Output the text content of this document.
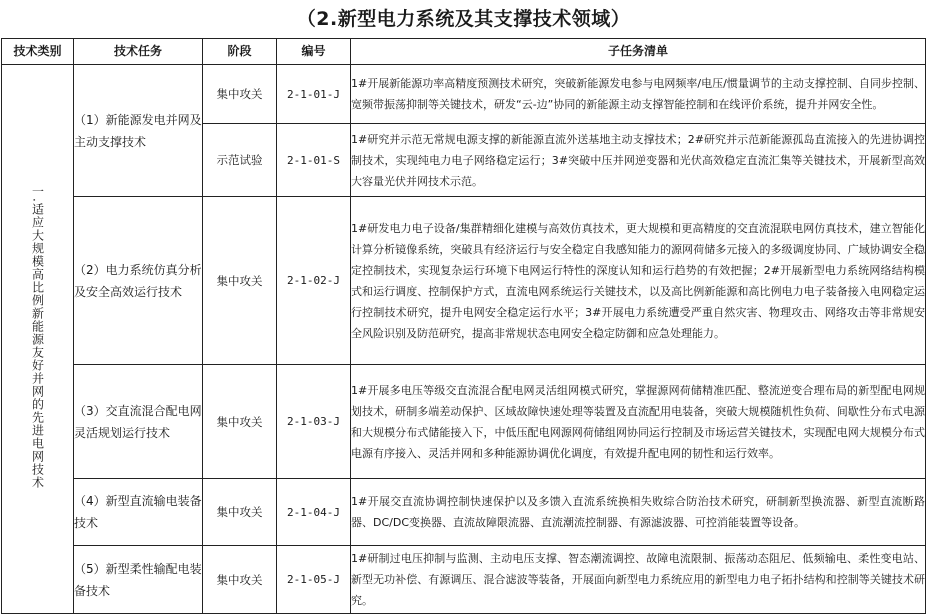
（2.新型电力系统及其支撑技术领域）
技术类别	技术任务	阶段	编号	子任务清单
一.适应大规模高比例新能源友好并网的先进电网技术	（1）新能源发电并网及主动支撑技术	集中攻关	2-1-01-J	1#开展新能源功率高精度预测技术研究，突破新能源发电参与电网频率/电压/惯量调节的主动支撑控制、自同步控制、宽频带振荡抑制等关键技术，研发“云-边”协同的新能源主动支撑智能控制和在线评价系统，提升并网安全性。
		示范试验	2-1-01-S	1#研究并示范无常规电源支撑的新能源直流外送基地主动支撑技术；2#研究并示范新能源孤岛直流接入的先进协调控制技术，实现纯电力电子网络稳定运行；3#突破中压并网逆变器和光伏高效稳定直流汇集等关键技术，开展新型高效大容量光伏并网技术示范。
	（2）电力系统仿真分析及安全高效运行技术	集中攻关	2-1-02-J	1#研发电力电子设备/集群精细化建模与高效仿真技术，更大规模和更高精度的交直流混联电网仿真技术，建立智能化计算分析镜像系统，突破具有经济运行与安全稳定自我感知能力的源网荷储多元接入的多级调度协同、广域协调安全稳定控制技术，实现复杂运行环境下电网运行特性的深度认知和运行趋势的有效把握；2#开展新型电力系统网络结构模式和运行调度、控制保护方式，直流电网系统运行关键技术，以及高比例新能源和高比例电力电子装备接入电网稳定运行控制技术研究，提升电网安全稳定运行水平；3#开展电力系统遭受严重自然灾害、物理攻击、网络攻击等非常规安全风险识别及防范研究，提高非常规状态电网安全稳定防御和应急处理能力。
	（3）交直流混合配电网灵活规划运行技术	集中攻关	2-1-03-J	1#开展多电压等级交直流混合配电网灵活组网模式研究，掌握源网荷储精准匹配、整流逆变合理布局的新型配电网规划技术，研制多端差动保护、区域故障快速处理等装置及直流配用电装备，突破大规模随机性负荷、间歇性分布式电源和大规模分布式储能接入下，中低压配电网源网荷储组网协同运行控制及市场运营关键技术，实现配电网大规模分布式电源有序接入、灵活并网和多种能源协调优化调度，有效提升配电网的韧性和运行效率。
	（4）新型直流输电装备技术	集中攻关	2-1-04-J	1#开展交直流协调控制快速保护以及多馈入直流系统换相失败综合防治技术研究，研制新型换流器、新型直流断路器、DC/DC变换器、直流故障限流器、直流潮流控制器、有源滤波器、可控消能装置等设备。
	（5）新型柔性输配电装备技术	集中攻关	2-1-05-J	1#研制过电压抑制与监测、主动电压支撑、智态潮流调控、故障电流限制、振荡动态阻尼、低频输电、柔性变电站、新型无功补偿、有源调压、混合滤波等装备，开展面向新型电力系统应用的新型电力电子拓扑结构和控制等关键技术研究。
